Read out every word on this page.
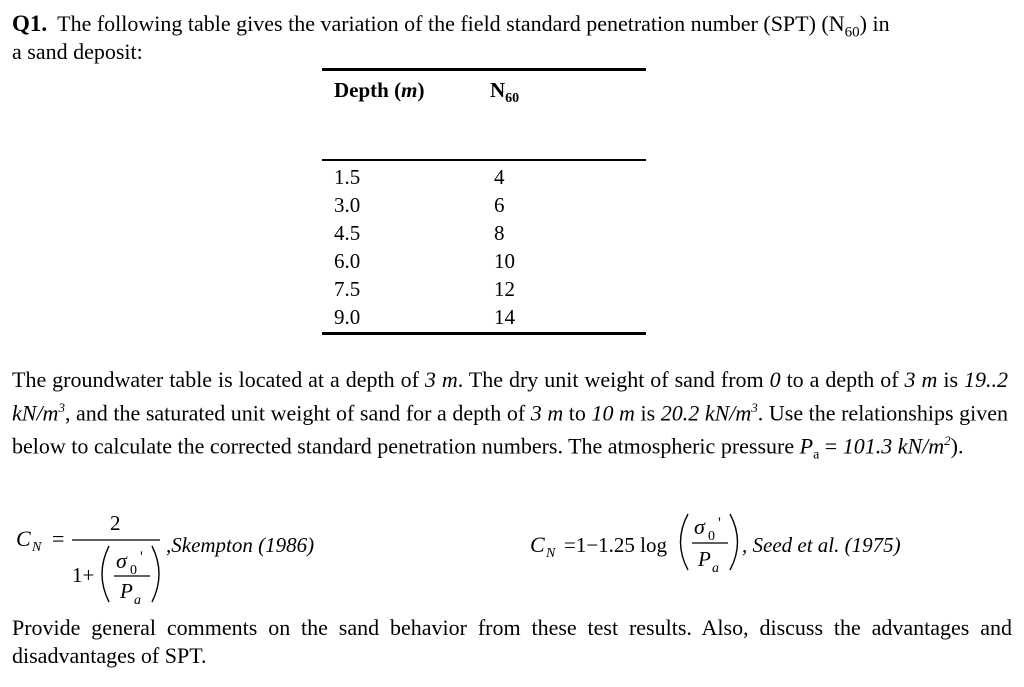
Q1. The following table gives the variation of the field standard penetration number (SPT) $(N_{60})$ in
a sand deposit:
Depth (m)	$N_{60}$
1.5	4
3.0	6
4.5	8
6.0	10
7.5	12
9.0	14
The groundwater table is located at a depth of 3 m. The dry unit weight of sand from 0 to a depth of 3 m is 19..2 $kN/m^3$, and the saturated unit weight of sand for a depth of 3 m to 10 m is 20.2 $kN/m^3$. Use the relationships given below to calculate the corrected standard penetration numbers. The atmospheric pressure $P_a = 101.3$ $kN/m^2$).
C N =
2
1+
σ 0
'
P a
,Skempton (1986)	C N =1−1.25 log
σ 0
'
P a
, Seed et al. (1975)
Provide general comments on the sand behavior from these test results. Also, discuss the advantages and disadvantages of SPT.
